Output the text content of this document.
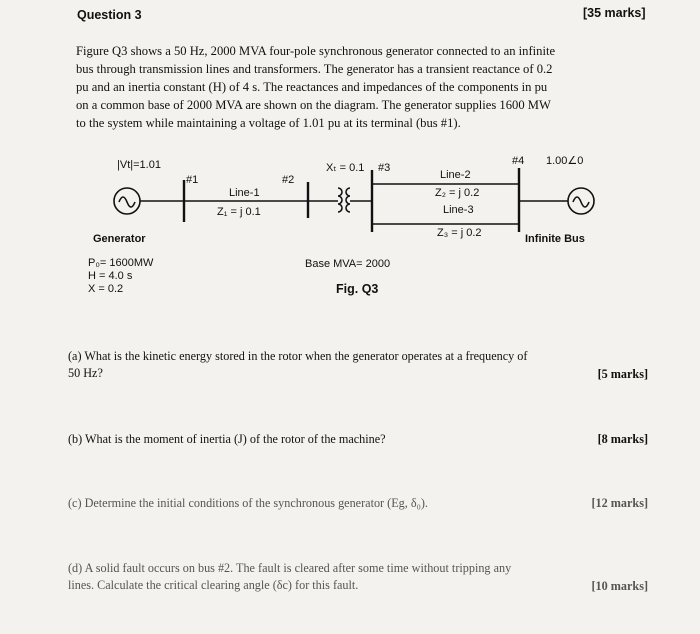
Question 3	[35 marks]

Figure Q3 shows a 50 Hz, 2000 MVA four-pole synchronous generator connected to an infinite

bus through transmission lines and transformers. The generator has a transient reactance of 0.2

pu and an inertia constant (H) of 4 s. The reactances and impedances of the components in pu

on a common base of 2000 MVA are shown on the diagram. The generator supplies 1600 MW

to the system while maintaining a voltage of 1.01 pu at its terminal (bus #1).

|Vt|=1.01
#1	#2
Xₜ = 0.1 #3
#4 1.00∠0
Line-1
Z₁ = j 0.1
Line-2
Z₂ = j 0.2
Line-3
Z₃ = j 0.2
Generator	Infinite Bus
P₀= 1600MW
H = 4.0 s
X = 0.2
Base MVA= 2000
Fig. Q3
(a) What is the kinetic energy stored in the rotor when the generator operates at a frequency of
50 Hz?	[5 marks]
(b) What is the moment of inertia (J) of the rotor of the machine?	[8 marks]
(c) Determine the initial conditions of the synchronous generator (Eg, δ₀).	[12 marks]
(d) A solid fault occurs on bus #2. The fault is cleared after some time without tripping any
lines. Calculate the critical clearing angle (δc) for this fault.	[10 marks]
